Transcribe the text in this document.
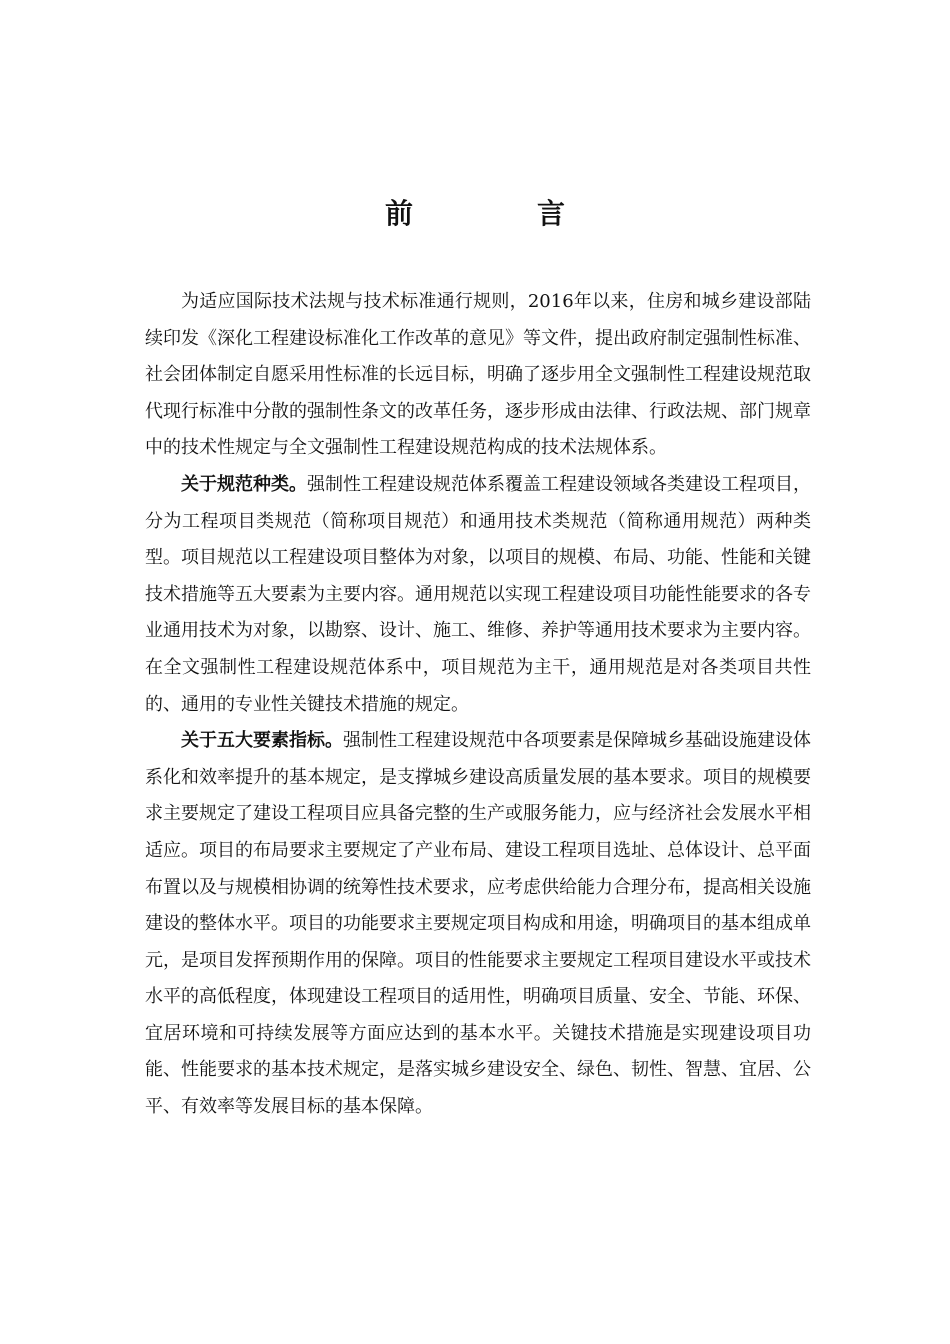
前　言

为适应国际技术法规与技术标准通行规则，2016年以来，住房和城乡建设部陆续印发《深化工程建设标准化工作改革的意见》等文件，提出政府制定强制性标准、社会团体制定自愿采用性标准的长远目标，明确了逐步用全文强制性工程建设规范取代现行标准中分散的强制性条文的改革任务，逐步形成由法律、行政法规、部门规章中的技术性规定与全文强制性工程建设规范构成的技术法规体系。

关于规范种类。强制性工程建设规范体系覆盖工程建设领域各类建设工程项目，分为工程项目类规范（简称项目规范）和通用技术类规范（简称通用规范）两种类型。项目规范以工程建设项目整体为对象，以项目的规模、布局、功能、性能和关键技术措施等五大要素为主要内容。通用规范以实现工程建设项目功能性能要求的各专业通用技术为对象，以勘察、设计、施工、维修、养护等通用技术要求为主要内容。在全文强制性工程建设规范体系中，项目规范为主干，通用规范是对各类项目共性的、通用的专业性关键技术措施的规定。

关于五大要素指标。强制性工程建设规范中各项要素是保障城乡基础设施建设体系化和效率提升的基本规定，是支撑城乡建设高质量发展的基本要求。项目的规模要求主要规定了建设工程项目应具备完整的生产或服务能力，应与经济社会发展水平相适应。项目的布局要求主要规定了产业布局、建设工程项目选址、总体设计、总平面布置以及与规模相协调的统筹性技术要求，应考虑供给能力合理分布，提高相关设施建设的整体水平。项目的功能要求主要规定项目构成和用途，明确项目的基本组成单元，是项目发挥预期作用的保障。项目的性能要求主要规定工程项目建设水平或技术水平的高低程度，体现建设工程项目的适用性，明确项目质量、安全、节能、环保、宜居环境和可持续发展等方面应达到的基本水平。关键技术措施是实现建设项目功能、性能要求的基本技术规定，是落实城乡建设安全、绿色、韧性、智慧、宜居、公平、有效率等发展目标的基本保障。
